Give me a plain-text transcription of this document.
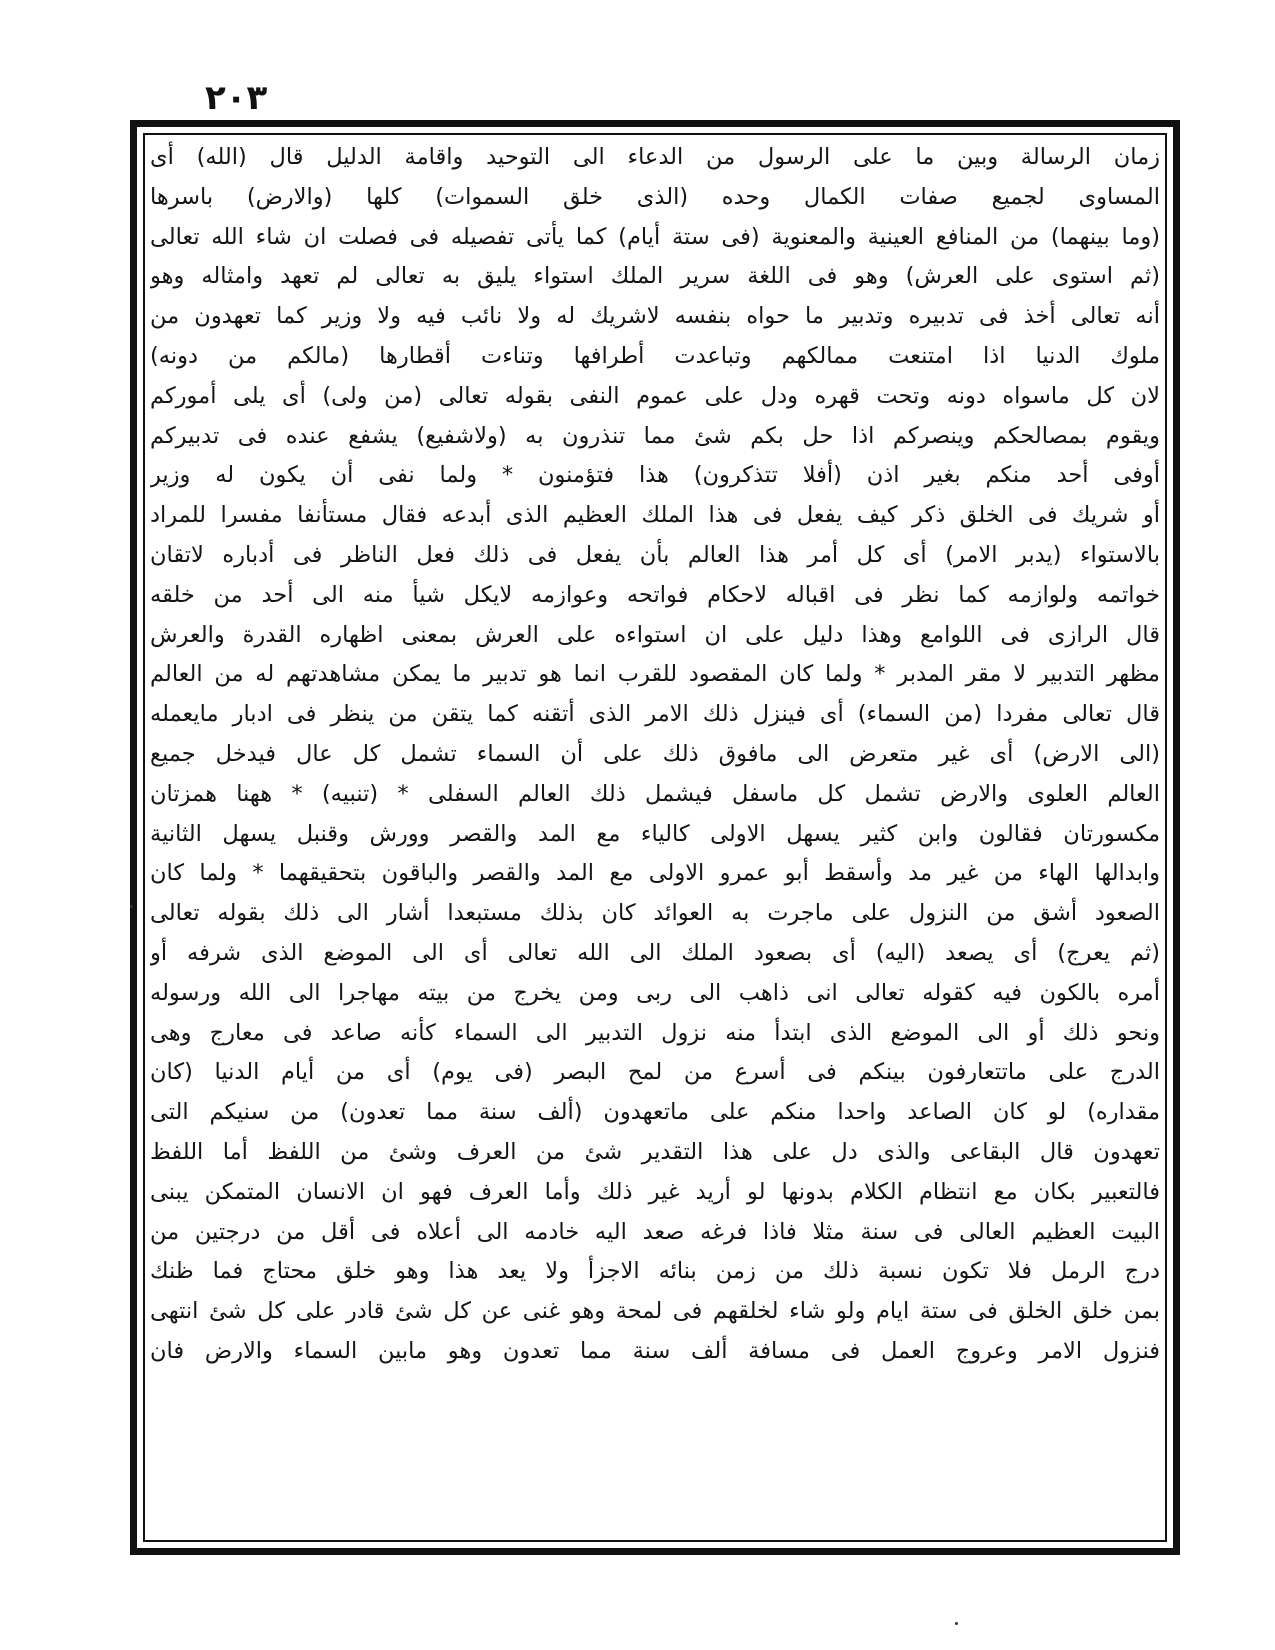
٢٠٣
زمان الرسالة وبين ما على الرسول من الدعاء الى التوحيد واقامة الدليل قال (الله) أى
المساوى لجميع صفات الكمال وحده (الذى خلق السموات) كلها (والارض) باسرها
(وما بينهما) من المنافع العينية والمعنوية (فى ستة أيام) كما يأتى تفصيله فى فصلت ان شاء الله تعالى
(ثم استوى على العرش) وهو فى اللغة سرير الملك استواء يليق به تعالى لم تعهد وامثاله وهو
أنه تعالى أخذ فى تدبيره وتدبير ما حواه بنفسه لاشريك له ولا نائب فيه ولا وزير كما تعهدون من
ملوك الدنيا اذا امتنعت ممالكهم وتباعدت أطرافها وتناءت أقطارها (مالكم من دونه)
لان كل ماسواه دونه وتحت قهره ودل على عموم النفى بقوله تعالى (من ولى) أى يلى أموركم
ويقوم بمصالحكم وينصركم اذا حل بكم شئ مما تنذرون به (ولاشفيع) يشفع عنده فى تدبيركم
أوفى أحد منكم بغير اذن (أفلا تتذكرون) هذا فتؤمنون * ولما نفى أن يكون له وزير
أو شريك فى الخلق ذكر كيف يفعل فى هذا الملك العظيم الذى أبدعه فقال مستأنفا مفسرا للمراد
بالاستواء (يدبر الامر) أى كل أمر هذا العالم بأن يفعل فى ذلك فعل الناظر فى أدباره لاتقان
خواتمه ولوازمه كما نظر فى اقباله لاحكام فواتحه وعوازمه لايكل شيأ منه الى أحد من خلقه
قال الرازى فى اللوامع وهذا دليل على ان استواءه على العرش بمعنى اظهاره القدرة والعرش
مظهر التدبير لا مقر المدبر * ولما كان المقصود للقرب انما هو تدبير ما يمكن مشاهدتهم له من العالم
قال تعالى مفردا (من السماء) أى فينزل ذلك الامر الذى أتقنه كما يتقن من ينظر فى ادبار مايعمله
(الى الارض) أى غير متعرض الى مافوق ذلك على أن السماء تشمل كل عال فيدخل جميع
العالم العلوى والارض تشمل كل ماسفل فيشمل ذلك العالم السفلى * (تنبيه) * ههنا همزتان
مكسورتان فقالون وابن كثير يسهل الاولى كالياء مع المد والقصر وورش وقنبل يسهل الثانية
وابدالها الهاء من غير مد وأسقط أبو عمرو الاولى مع المد والقصر والباقون بتحقيقهما * ولما كان
الصعود أشق من النزول على ماجرت به العوائد كان بذلك مستبعدا أشار الى ذلك بقوله تعالى
(ثم يعرج) أى يصعد (اليه) أى بصعود الملك الى الله تعالى أى الى الموضع الذى شرفه أو
أمره بالكون فيه كقوله تعالى انى ذاهب الى ربى ومن يخرج من بيته مهاجرا الى الله ورسوله
ونحو ذلك أو الى الموضع الذى ابتدأ منه نزول التدبير الى السماء كأنه صاعد فى معارج وهى
الدرج على ماتتعارفون بينكم فى أسرع من لمح البصر (فى يوم) أى من أيام الدنيا (كان
مقداره) لو كان الصاعد واحدا منكم على ماتعهدون (ألف سنة مما تعدون) من سنيكم التى
تعهدون قال البقاعى والذى دل على هذا التقدير شئ من العرف وشئ من اللفظ أما اللفظ
فالتعبير بكان مع انتظام الكلام بدونها لو أريد غير ذلك وأما العرف فهو ان الانسان المتمكن يبنى
البيت العظيم العالى فى سنة مثلا فاذا فرغه صعد اليه خادمه الى أعلاه فى أقل من درجتين من
درج الرمل فلا تكون نسبة ذلك من زمن بنائه الاجزأ ولا يعد هذا وهو خلق محتاج فما ظنك
بمن خلق الخلق فى ستة ايام ولو شاء لخلقهم فى لمحة وهو غنى عن كل شئ قادر على كل شئ انتهى
فنزول الامر وعروج العمل فى مسافة ألف سنة مما تعدون وهو مابين السماء والارض فان
